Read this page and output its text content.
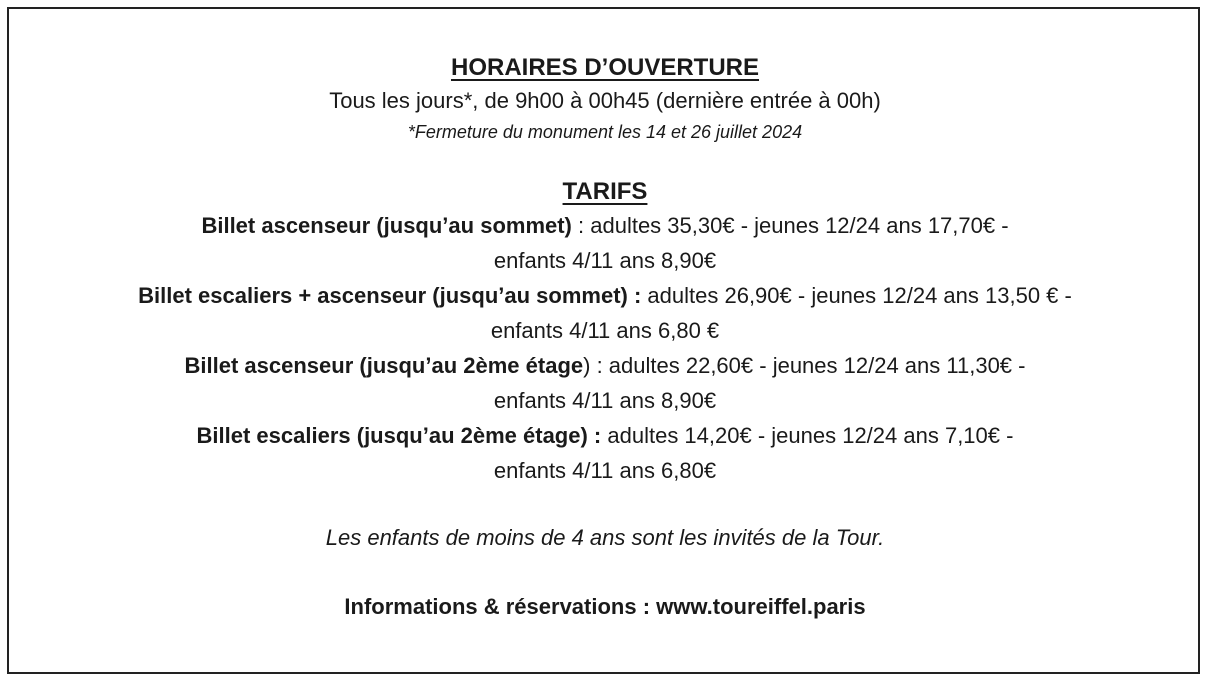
HORAIRES D’OUVERTURE

Tous les jours*, de 9h00 à 00h45 (dernière entrée à 00h)

*Fermeture du monument les 14 et 26 juillet 2024

TARIFS

Billet ascenseur (jusqu’au sommet) : adultes 35,30€ - jeunes 12/24 ans 17,70€ -

enfants 4/11 ans 8,90€

Billet escaliers + ascenseur (jusqu’au sommet) : adultes 26,90€ - jeunes 12/24 ans 13,50 € -

enfants 4/11 ans 6,80 €

Billet ascenseur (jusqu’au 2ème étage) : adultes 22,60€ - jeunes 12/24 ans 11,30€ -

enfants 4/11 ans 8,90€

Billet escaliers (jusqu’au 2ème étage) : adultes 14,20€ - jeunes 12/24 ans 7,10€ -

enfants 4/11 ans 6,80€

Les enfants de moins de 4 ans sont les invités de la Tour.

Informations & réservations : www.toureiffel.paris
